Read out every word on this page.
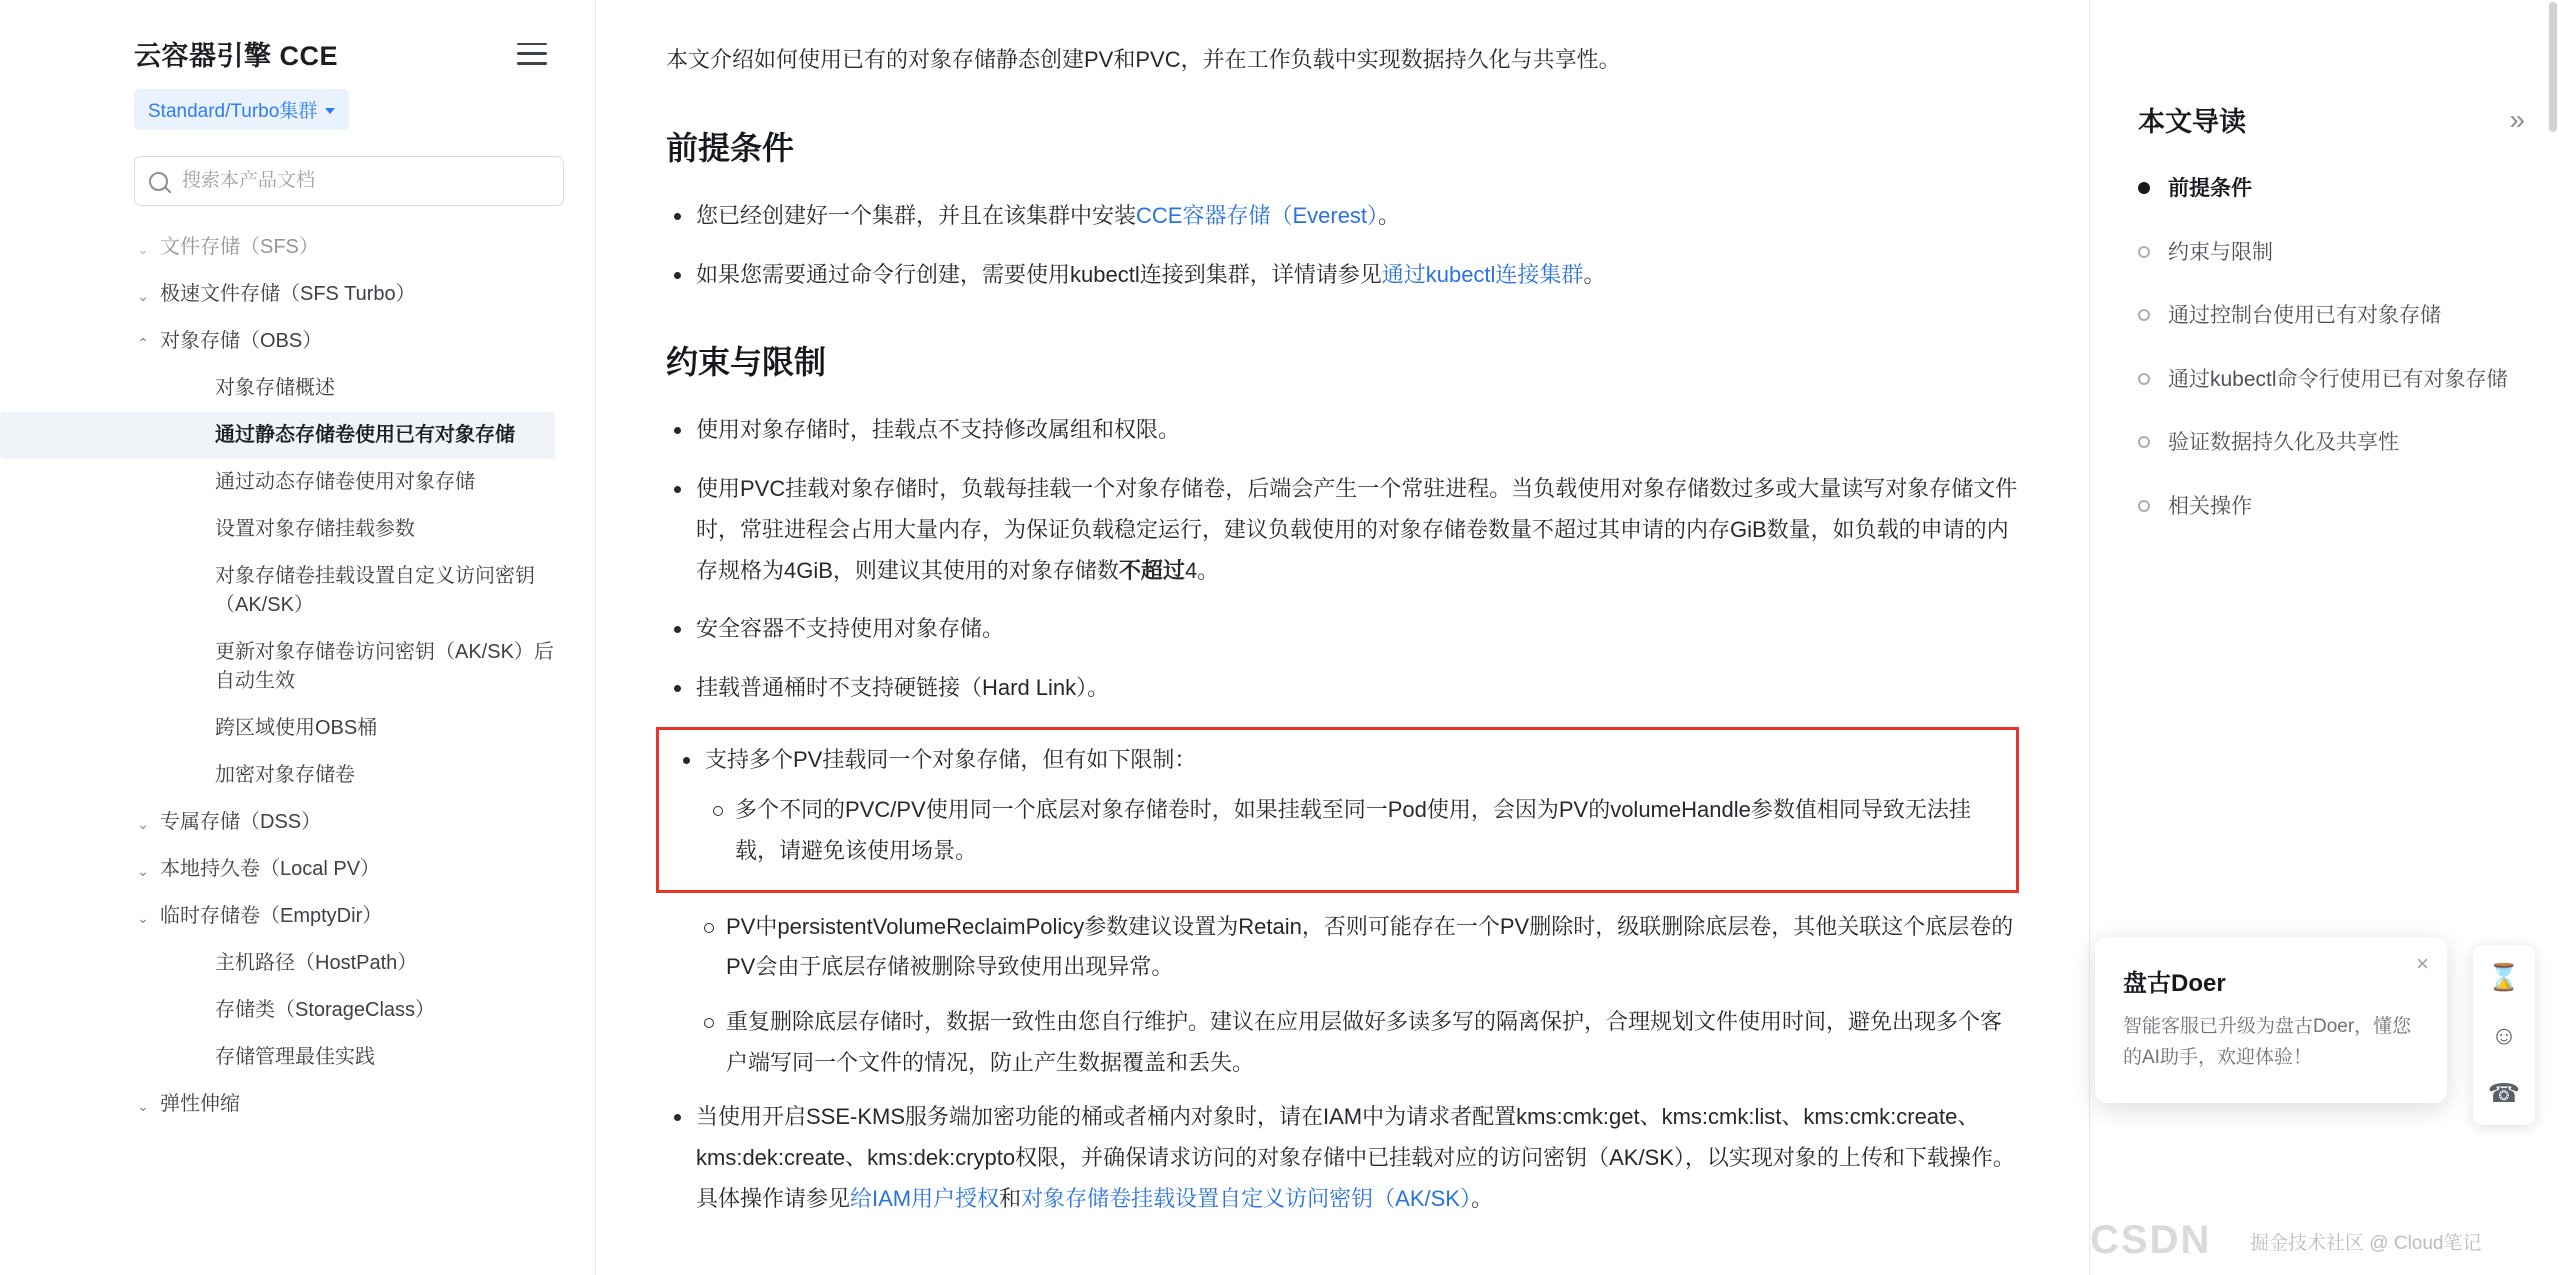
云容器引擎 CCE
Standard/Turbo集群
搜索本产品文档
⌄
文件存储（SFS）
⌄
极速文件存储（SFS Turbo）
⌃
对象存储（OBS）
对象存储概述
通过静态存储卷使用已有对象存储
通过动态存储卷使用对象存储
设置对象存储挂载参数
对象存储卷挂载设置自定义访问密钥（AK/SK）
更新对象存储卷访问密钥（AK/SK）后自动生效
跨区域使用OBS桶
加密对象存储卷
⌄
专属存储（DSS）
⌄
本地持久卷（Local PV）
⌄
临时存储卷（EmptyDir）
主机路径（HostPath）
存储类（StorageClass）
存储管理最佳实践
⌄
弹性伸缩

本文介绍如何使用已有的对象存储静态创建PV和PVC，并在工作负载中实现数据持久化与共享性。

前提条件
您已经创建好一个集群，并且在该集群中安装CCE容器存储（Everest）。
如果您需要通过命令行创建，需要使用kubectl连接到集群，详情请参见通过kubectl连接集群。
约束与限制
使用对象存储时，挂载点不支持修改属组和权限。
使用PVC挂载对象存储时，负载每挂载一个对象存储卷，后端会产生一个常驻进程。当负载使用对象存储数过多或大量读写对象存储文件时，常驻进程会占用大量内存，为保证负载稳定运行，建议负载使用的对象存储卷数量不超过其申请的内存GiB数量，如负载的申请的内存规格为4GiB，则建议其使用的对象存储数不超过4。
安全容器不支持使用对象存储。
挂载普通桶时不支持硬链接（Hard Link）。
支持多个PV挂载同一个对象存储，但有如下限制：
多个不同的PVC/PV使用同一个底层对象存储卷时，如果挂载至同一Pod使用，会因为PV的volumeHandle参数值相同导致无法挂载，请避免该使用场景。
PV中persistentVolumeReclaimPolicy参数建议设置为Retain，否则可能存在一个PV删除时，级联删除底层卷，其他关联这个底层卷的PV会由于底层存储被删除导致使用出现异常。
重复删除底层存储时，数据一致性由您自行维护。建议在应用层做好多读多写的隔离保护，合理规划文件使用时间，避免出现多个客户端写同一个文件的情况，防止产生数据覆盖和丢失。
当使用开启SSE-KMS服务端加密功能的桶或者桶内对象时，请在IAM中为请求者配置kms:cmk:get、kms:cmk:list、kms:cmk:create、kms:dek:create、kms:dek:crypto权限，并确保请求访问的对象存储中已挂载对应的访问密钥（AK/SK），以实现对象的上传和下载操作。具体操作请参见给IAM用户授权和对象存储卷挂载设置自定义访问密钥（AK/SK）。
本文导读	»
前提条件
约束与限制
通过控制台使用已有对象存储
通过kubectl命令行使用已有对象存储
验证数据持久化及共享性
相关操作
×
盘古Doer
智能客服已升级为盘古Doer，懂您的AI助手，欢迎体验！
⌛
☺
☎
CSDN 掘金技术社区 @ Cloud笔记
